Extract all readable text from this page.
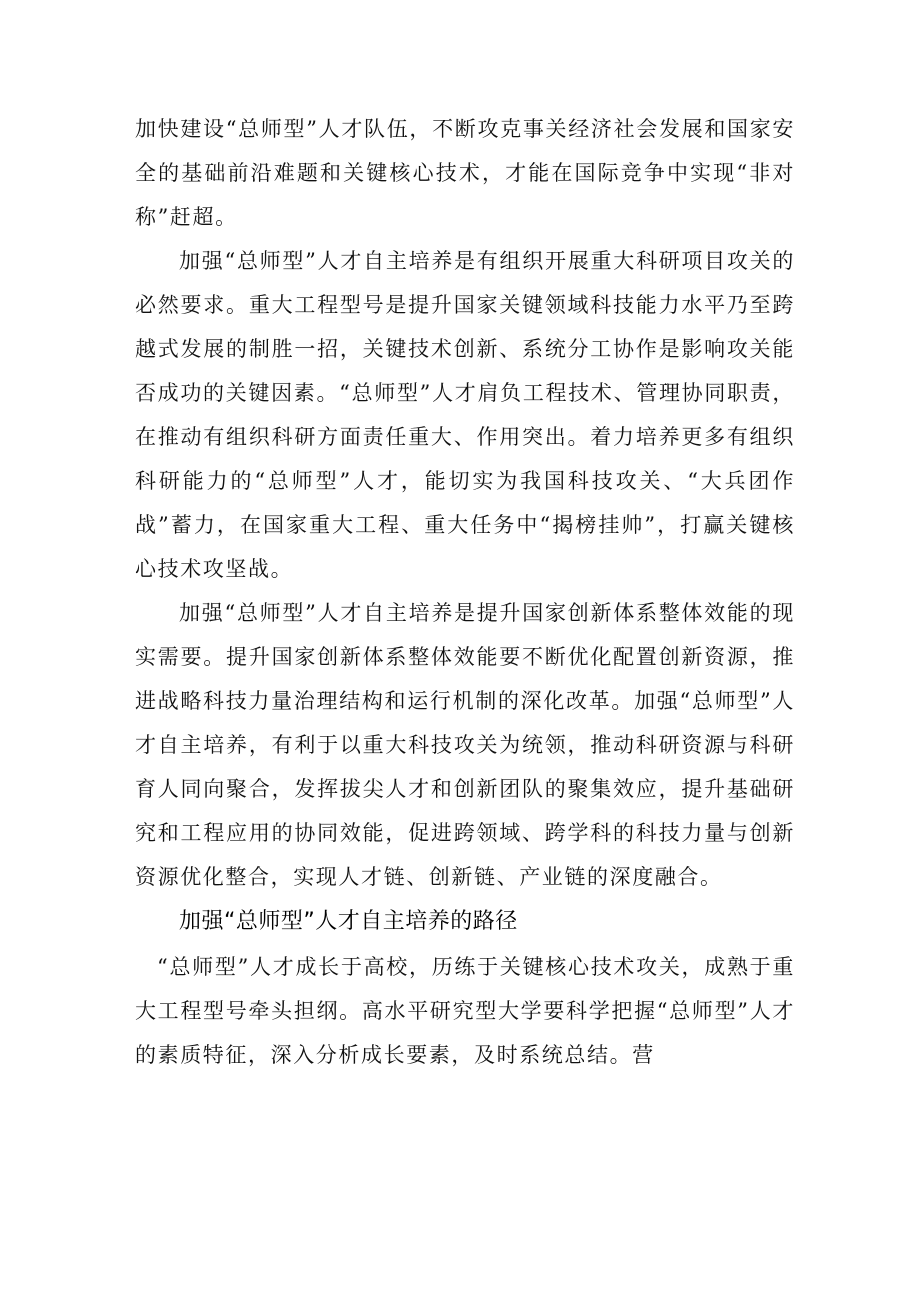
加快建设“总师型”人才队伍，不断攻克事关经济社会发展和国家安全的基础前沿难题和关键核心技术，才能在国际竞争中实现“非对称”赶超。

加强“总师型”人才自主培养是有组织开展重大科研项目攻关的必然要求。重大工程型号是提升国家关键领域科技能力水平乃至跨越式发展的制胜一招，关键技术创新、系统分工协作是影响攻关能否成功的关键因素。“总师型”人才肩负工程技术、管理协同职责，在推动有组织科研方面责任重大、作用突出。着力培养更多有组织科研能力的“总师型”人才，能切实为我国科技攻关、“大兵团作战”蓄力，在国家重大工程、重大任务中“揭榜挂帅”，打赢关键核心技术攻坚战。

加强“总师型”人才自主培养是提升国家创新体系整体效能的现实需要。提升国家创新体系整体效能要不断优化配置创新资源，推进战略科技力量治理结构和运行机制的深化改革。加强“总师型”人才自主培养，有利于以重大科技攻关为统领，推动科研资源与科研育人同向聚合，发挥拔尖人才和创新团队的聚集效应，提升基础研究和工程应用的协同效能，促进跨领域、跨学科的科技力量与创新资源优化整合，实现人才链、创新链、产业链的深度融合。

加强“总师型”人才自主培养的路径

“总师型”人才成长于高校，历练于关键核心技术攻关，成熟于重大工程型号牵头担纲。高水平研究型大学要科学把握“总师型”人才的素质特征，深入分析成长要素，及时系统总结。营
